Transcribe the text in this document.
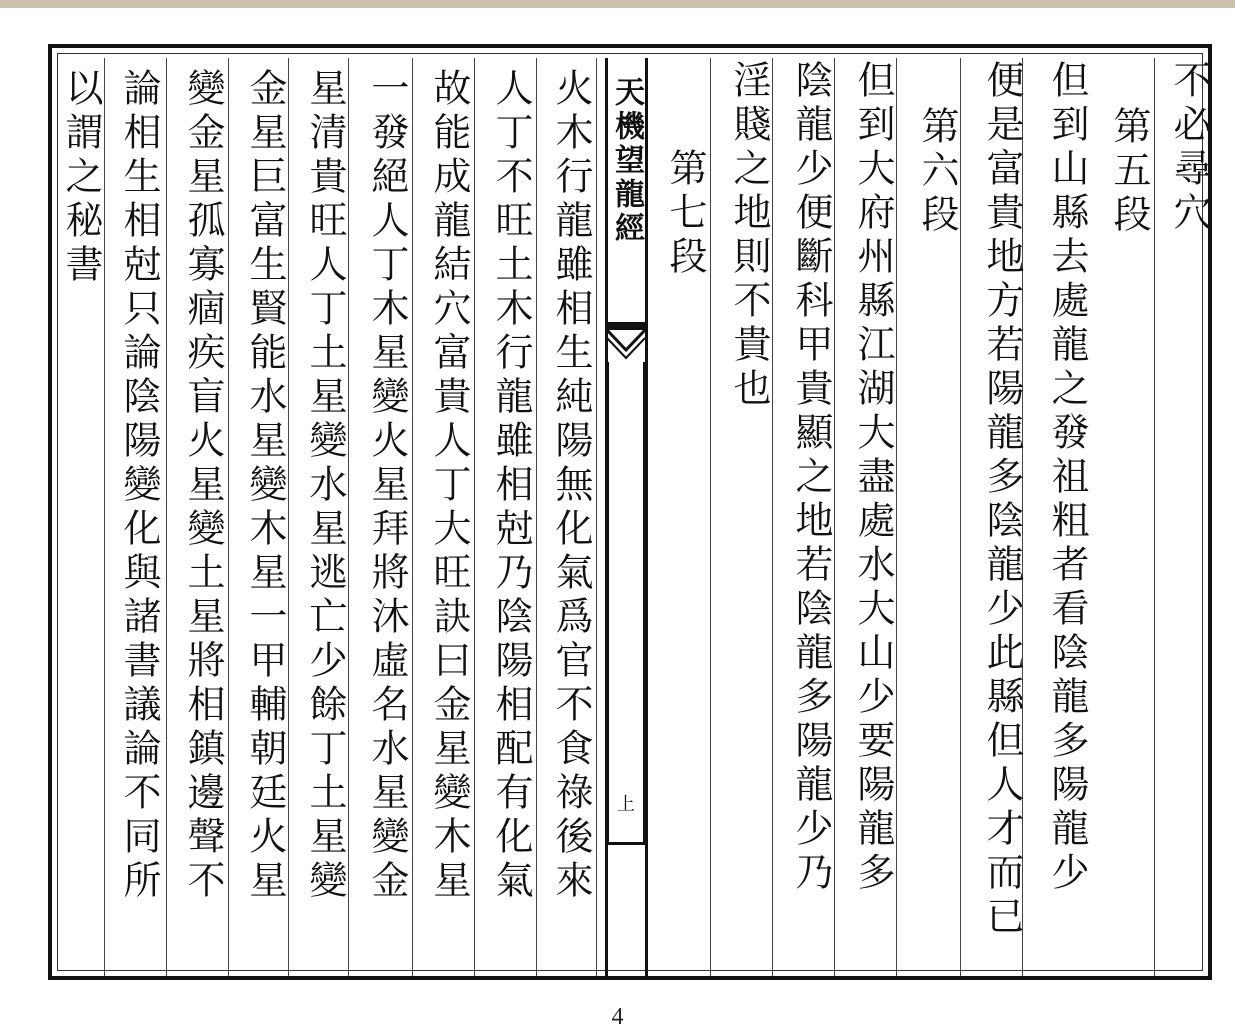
不必尋穴
第五段
但到山縣去處龍之發祖粗者看陰龍多陽龍少
便是富貴地方若陽龍多陰龍少此縣但人才而已
第六段
但到大府州縣江湖大盡處水大山少要陽龍多
陰龍少便斷科甲貴顯之地若陰龍多陽龍少乃
淫賤之地則不貴也
第七段
天機望龍經
上
火木行龍雖相生純陽無化氣爲官不食祿後來
人丁不旺土木行龍雖相尅乃陰陽相配有化氣
故能成龍結穴富貴人丁大旺訣曰金星變木星
一發絕人丁木星變火星拜將沐虛名水星變金
星清貴旺人丁土星變水星逃亡少餘丁土星變
金星巨富生賢能水星變木星一甲輔朝廷火星
變金星孤寡痼疾盲火星變土星將相鎮邊聲不
論相生相尅只論陰陽變化與諸書議論不同所
以謂之秘書
4
